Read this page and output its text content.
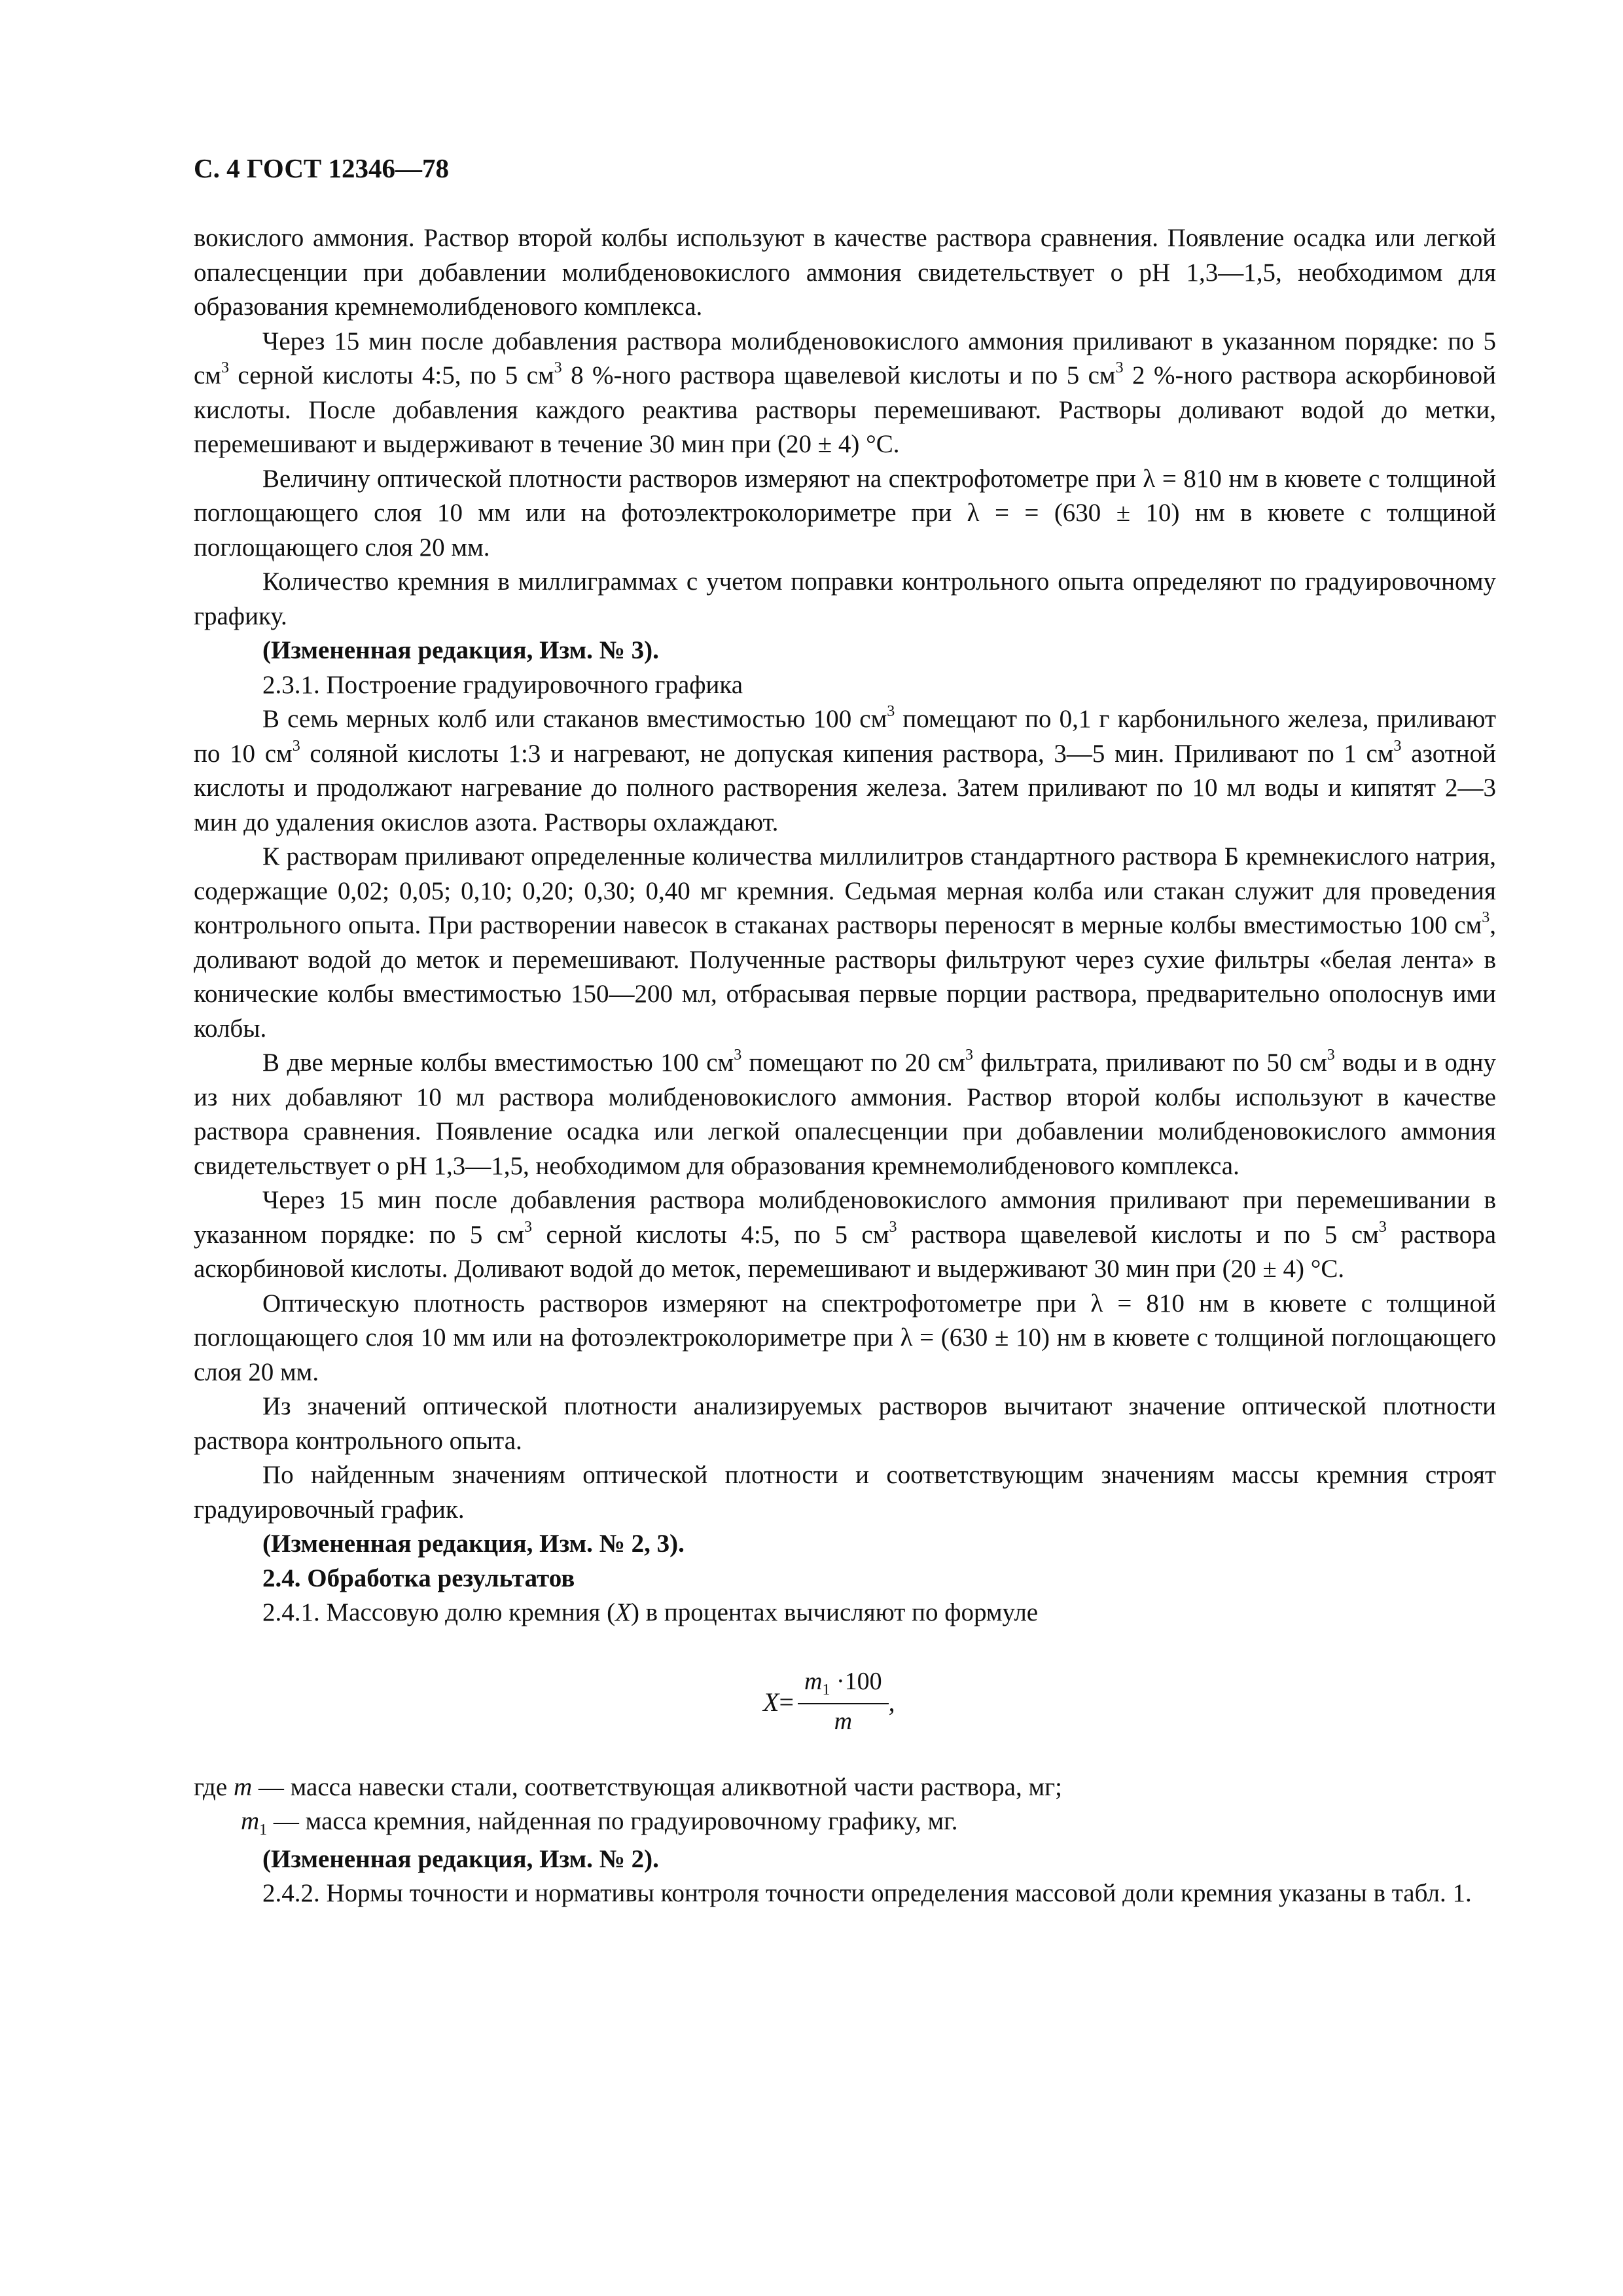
С. 4 ГОСТ 12346—78

вокислого аммония. Раствор второй колбы используют в качестве раствора сравнения. Появление осадка или легкой опалесценции при добавлении молибденовокислого аммония свидетельствует о pH 1,3—1,5, необходимом для образования кремнемолибденового комплекса.

Через 15 мин после добавления раствора молибденовокислого аммония приливают в указанном порядке: по 5 $см^3$ серной кислоты 4:5, по 5 $см^3$ 8 %-ного раствора щавелевой кислоты и по 5 $см^3$ 2 %-ного раствора аскорбиновой кислоты. После добавления каждого реактива растворы перемешивают. Растворы доливают водой до метки, перемешивают и выдерживают в течение 30 мин при (20 ± 4) °С.

Величину оптической плотности растворов измеряют на спектрофотометре при λ = 810 нм в кювете с толщиной поглощающего слоя 10 мм или на фотоэлектроколориметре при λ = = (630 ± 10) нм в кювете с толщиной поглощающего слоя 20 мм.

Количество кремния в миллиграммах с учетом поправки контрольного опыта определяют по градуировочному графику.

(Измененная редакция, Изм. № 3).

2.3.1. Построение градуировочного графика

В семь мерных колб или стаканов вместимостью 100 $см^3$ помещают по 0,1 г карбонильного железа, приливают по 10 $см^3$ соляной кислоты 1:3 и нагревают, не допуская кипения раствора, 3—5 мин. Приливают по 1 $см^3$ азотной кислоты и продолжают нагревание до полного растворения железа. Затем приливают по 10 мл воды и кипятят 2—3 мин до удаления окислов азота. Растворы охлаждают.

К растворам приливают определенные количества миллилитров стандартного раствора Б кремнекислого натрия, содержащие 0,02; 0,05; 0,10; 0,20; 0,30; 0,40 мг кремния. Седьмая мерная колба или стакан служит для проведения контрольного опыта. При растворении навесок в стаканах растворы переносят в мерные колбы вместимостью 100 $см^3$, доливают водой до меток и перемешивают. Полученные растворы фильтруют через сухие фильтры «белая лента» в конические колбы вместимостью 150—200 мл, отбрасывая первые порции раствора, предварительно ополоснув ими колбы.

В две мерные колбы вместимостью 100 $см^3$ помещают по 20 $см^3$ фильтрата, приливают по 50 $см^3$ воды и в одну из них добавляют 10 мл раствора молибденовокислого аммония. Раствор второй колбы используют в качестве раствора сравнения. Появление осадка или легкой опалесценции при добавлении молибденовокислого аммония свидетельствует о pH 1,3—1,5, необходимом для образования кремнемолибденового комплекса.

Через 15 мин после добавления раствора молибденовокислого аммония приливают при перемешивании в указанном порядке: по 5 $см^3$ серной кислоты 4:5, по 5 $см^3$ раствора щавелевой кислоты и по 5 $см^3$ раствора аскорбиновой кислоты. Доливают водой до меток, перемешивают и выдерживают 30 мин при (20 ± 4) °С.

Оптическую плотность растворов измеряют на спектрофотометре при λ = 810 нм в кювете с толщиной поглощающего слоя 10 мм или на фотоэлектроколориметре при λ = (630 ± 10) нм в кювете с толщиной поглощающего слоя 20 мм.

Из значений оптической плотности анализируемых растворов вычитают значение оптической плотности раствора контрольного опыта.

По найденным значениям оптической плотности и соответствующим значениям массы кремния строят градуировочный график.

(Измененная редакция, Изм. № 2, 3).

2.4. Обработка результатов

2.4.1. Массовую долю кремния (X) в процентах вычисляют по формуле

$X = \frac{m_1 \cdot 100}{m}$ ,

где m — масса навески стали, соответствующая аликвотной части раствора, мг;

$m_1$ — масса кремния, найденная по градуировочному графику, мг.

(Измененная редакция, Изм. № 2).

2.4.2. Нормы точности и нормативы контроля точности определения массовой доли кремния указаны в табл. 1.
